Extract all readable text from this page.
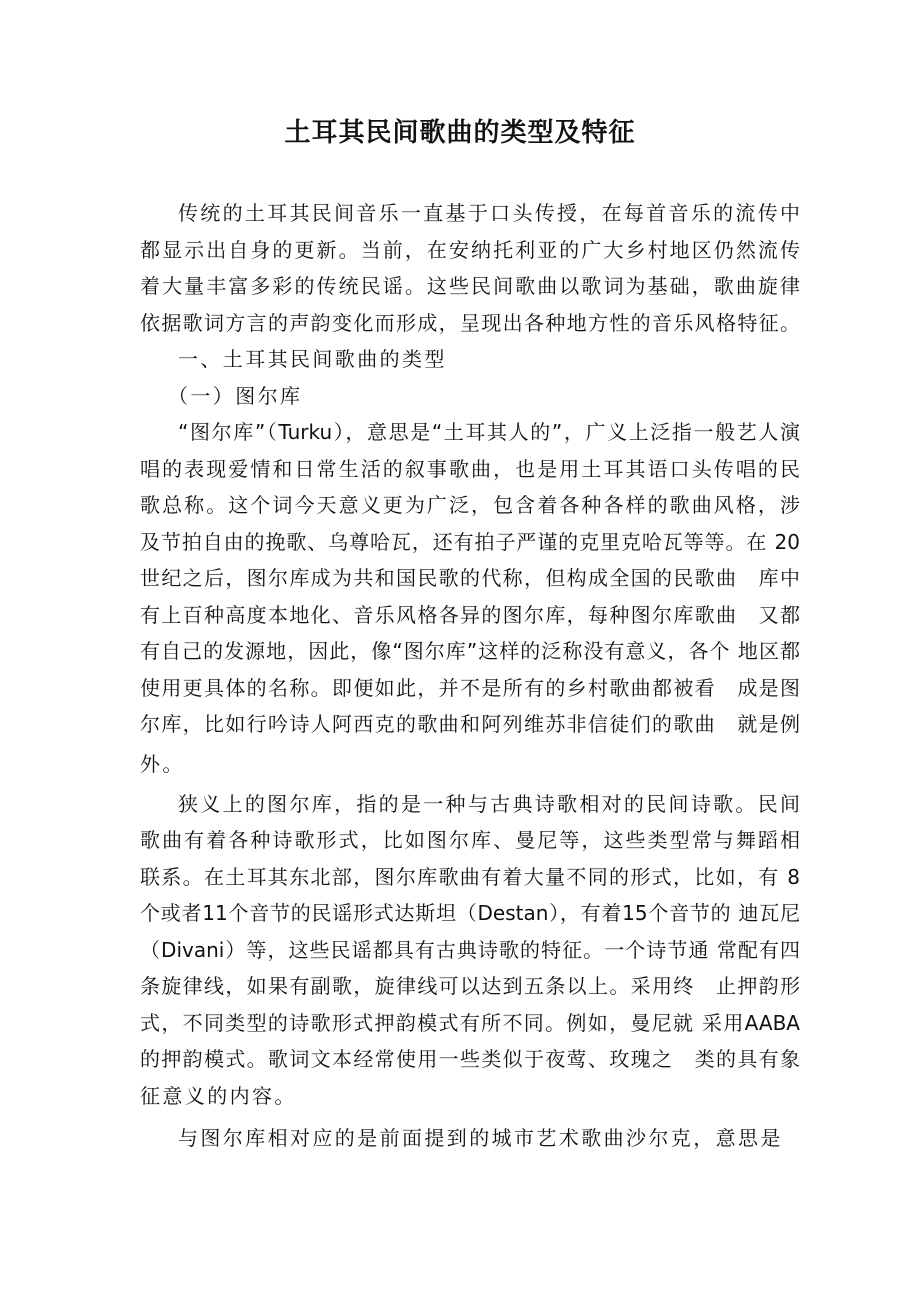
土耳其民间歌曲的类型及特征
传统的土耳其民间音乐一直基于口头传授，在每首音乐的流传中
都显示出自身的更新。当前，在安纳托利亚的广大乡村地区仍然流传
着大量丰富多彩的传统民谣。这些民间歌曲以歌词为基础，歌曲旋律
依据歌词方言的声韵变化而形成，呈现出各种地方性的音乐风格特征。
一、土耳其民间歌曲的类型
（一）图尔库
“图尔库”（Turku），意思是“土耳其人的”，广义上泛指一般艺人演
唱的表现爱情和日常生活的叙事歌曲，也是用土耳其语口头传唱的民
歌总称。这个词今天意义更为广泛，包含着各种各样的歌曲风格，涉
及节拍自由的挽歌、乌尊哈瓦，还有拍子严谨的克里克哈瓦等等。在 20
世纪之后，图尔库成为共和国民歌的代称，但构成全国的民歌曲　库中
有上百种高度本地化、音乐风格各异的图尔库，每种图尔库歌曲　又都
有自己的发源地，因此，像“图尔库”这样的泛称没有意义，各个 地区都
使用更具体的名称。即便如此，并不是所有的乡村歌曲都被看　成是图
尔库，比如行吟诗人阿西克的歌曲和阿列维苏非信徒们的歌曲　就是例
外。
狭义上的图尔库，指的是一种与古典诗歌相对的民间诗歌。民间
歌曲有着各种诗歌形式，比如图尔库、曼尼等，这些类型常与舞蹈相
联系。在土耳其东北部，图尔库歌曲有着大量不同的形式，比如，有 8
个或者11个音节的民谣形式达斯坦（Destan），有着15个音节的 迪瓦尼
（Divani）等，这些民谣都具有古典诗歌的特征。一个诗节通 常配有四
条旋律线，如果有副歌，旋律线可以达到五条以上。采用终　止押韵形
式，不同类型的诗歌形式押韵模式有所不同。例如，曼尼就 采用AABA
的押韵模式。歌词文本经常使用一些类似于夜莺、玫瑰之　类的具有象
征意义的内容。
与图尔库相对应的是前面提到的城市艺术歌曲沙尔克，意思是
